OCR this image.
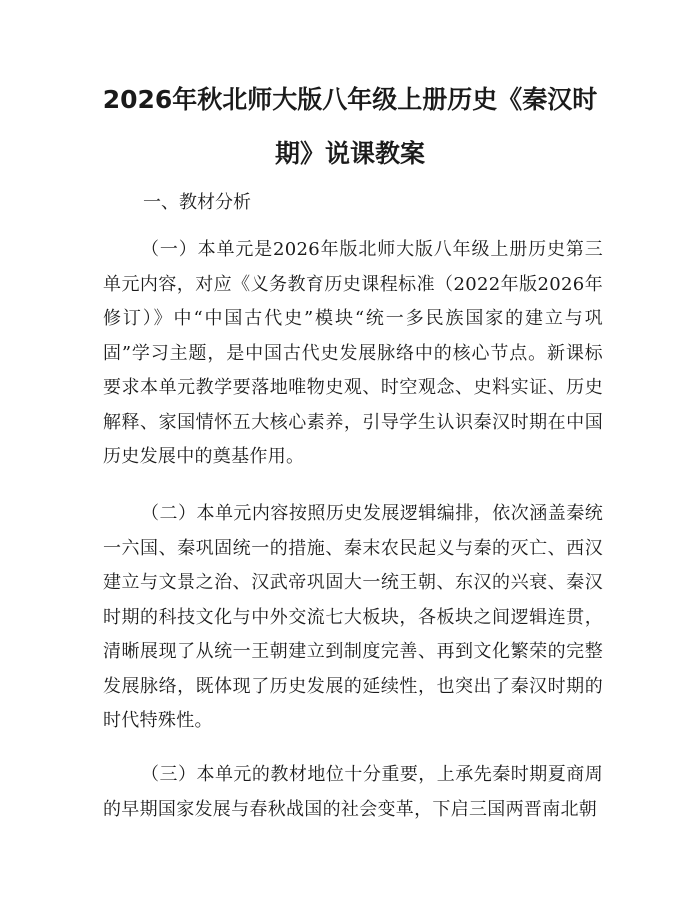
2026年秋北师大版八年级上册历史《秦汉时期》说课教案
一、教材分析

（一）本单元是2026年版北师大版八年级上册历史第三单元内容，对应《义务教育历史课程标准（2022年版2026年修订）》中“中国古代史”模块“统一多民族国家的建立与巩固”学习主题，是中国古代史发展脉络中的核心节点。新课标要求本单元教学要落地唯物史观、时空观念、史料实证、历史解释、家国情怀五大核心素养，引导学生认识秦汉时期在中国历史发展中的奠基作用。

（二）本单元内容按照历史发展逻辑编排，依次涵盖秦统一六国、秦巩固统一的措施、秦末农民起义与秦的灭亡、西汉建立与文景之治、汉武帝巩固大一统王朝、东汉的兴衰、秦汉时期的科技文化与中外交流七大板块，各板块之间逻辑连贯，清晰展现了从统一王朝建立到制度完善、再到文化繁荣的完整发展脉络，既体现了历史发展的延续性，也突出了秦汉时期的时代特殊性。

（三）本单元的教材地位十分重要，上承先秦时期夏商周的早期国家发展与春秋战国的社会变革，下启三国两晋南北朝
